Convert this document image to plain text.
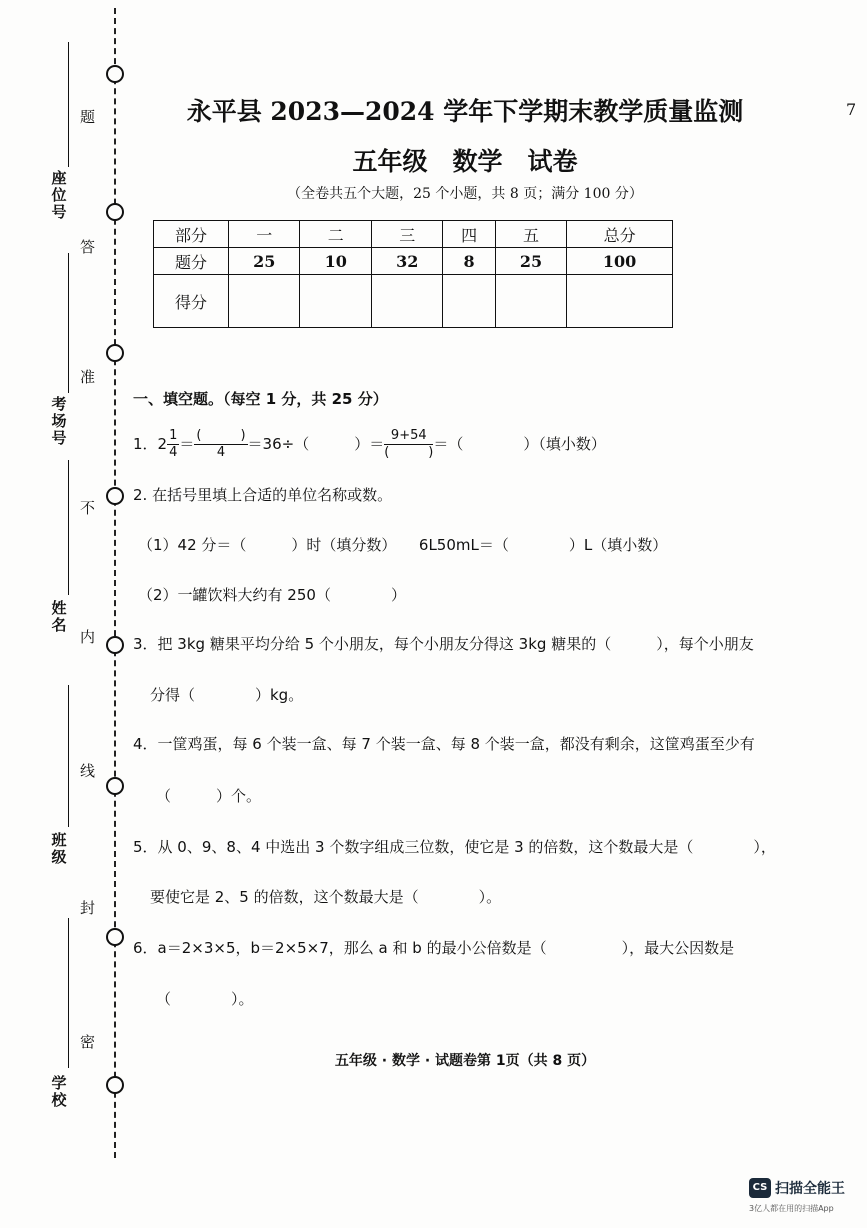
题
答
准
不
内
线
封
密
座位号
考场号
姓 名
班 级
学 校
7
永平县 2023—2024 学年下学期末教学质量监测
五年级　数学　试卷
（全卷共五个大题，25 个小题，共 8 页；满分 100 分）
部分	一	二	三	四	五	总分
题分	25	10	32	8	25	100
得分						
一、填空题。（每空 1 分，共 25 分）
1．$2 \frac{1}{4} = \frac{( )}{4} =36\div$（　　　）＝ $\frac{9+54}{( )}$ ＝（　　　　）（填小数）
2. 在括号里填上合适的单位名称或数。
（1）42 分＝（　　　）时（填分数）　　6L50mL＝（　　　　）L（填小数）
（2）一罐饮料大约有 250（　　　　）
3．把 3kg 糖果平均分给 5 个小朋友，每个小朋友分得这 3kg 糖果的（　　　），每个小朋友
分得（　　　　）kg。
4．一筐鸡蛋，每 6 个装一盒、每 7 个装一盒、每 8 个装一盒，都没有剩余，这筐鸡蛋至少有
（　　　）个。
5．从 0、9、8、4 中选出 3 个数字组成三位数，使它是 3 的倍数，这个数最大是（　　　　），
要使它是 2、5 的倍数，这个数最大是（　　　　）。
6．a＝2×3×5，b＝2×5×7，那么 a 和 b 的最小公倍数是（　　　　　），最大公因数是
（　　　　）。
五年级 · 数学 · 试题卷第 1页（共 8 页）
CS 扫描全能王
3亿人都在用的扫描App
